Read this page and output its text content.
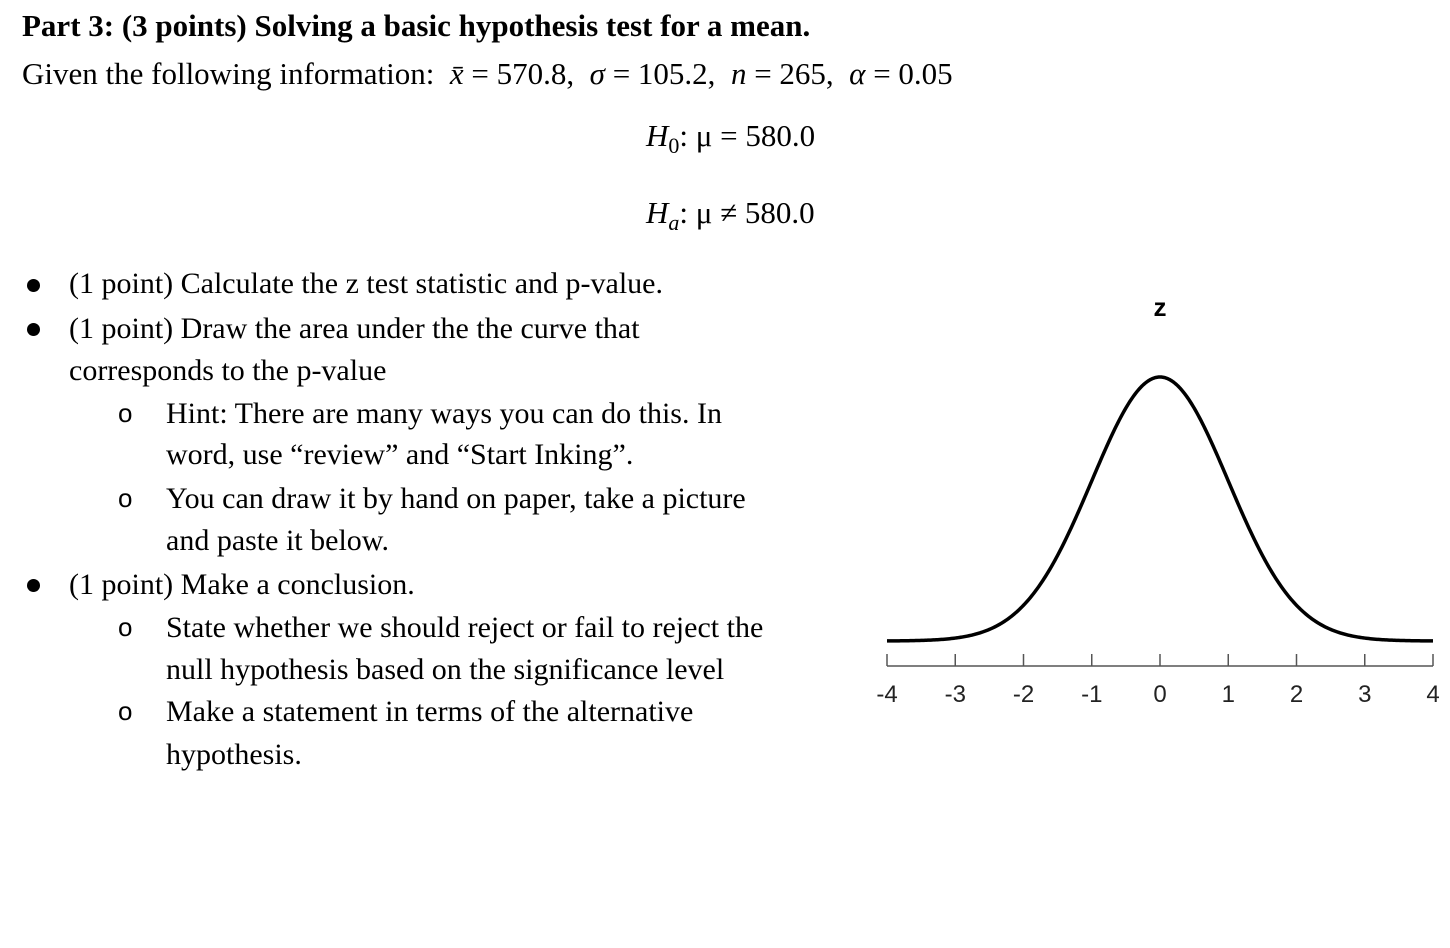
Part 3: (3 points) Solving a basic hypothesis test for a mean.
Given the following information: x̄ = 570.8, σ = 105.2, n = 265, α = 0.05
$H_0$: μ = 580.0
$H_a$: μ ≠ 580.0
(1 point) Calculate the z test statistic and p-value.
(1 point) Draw the area under the the curve that
corresponds to the p-value
o Hint: There are many ways you can do this. In
word, use “review” and “Start Inking”.
o You can draw it by hand on paper, take a picture
and paste it below.
(1 point) Make a conclusion.
o State whether we should reject or fail to reject the
null hypothesis based on the significance level
o Make a statement in terms of the alternative
hypothesis.
z
-4 -3 -2 -1 0 1 2 3 4
